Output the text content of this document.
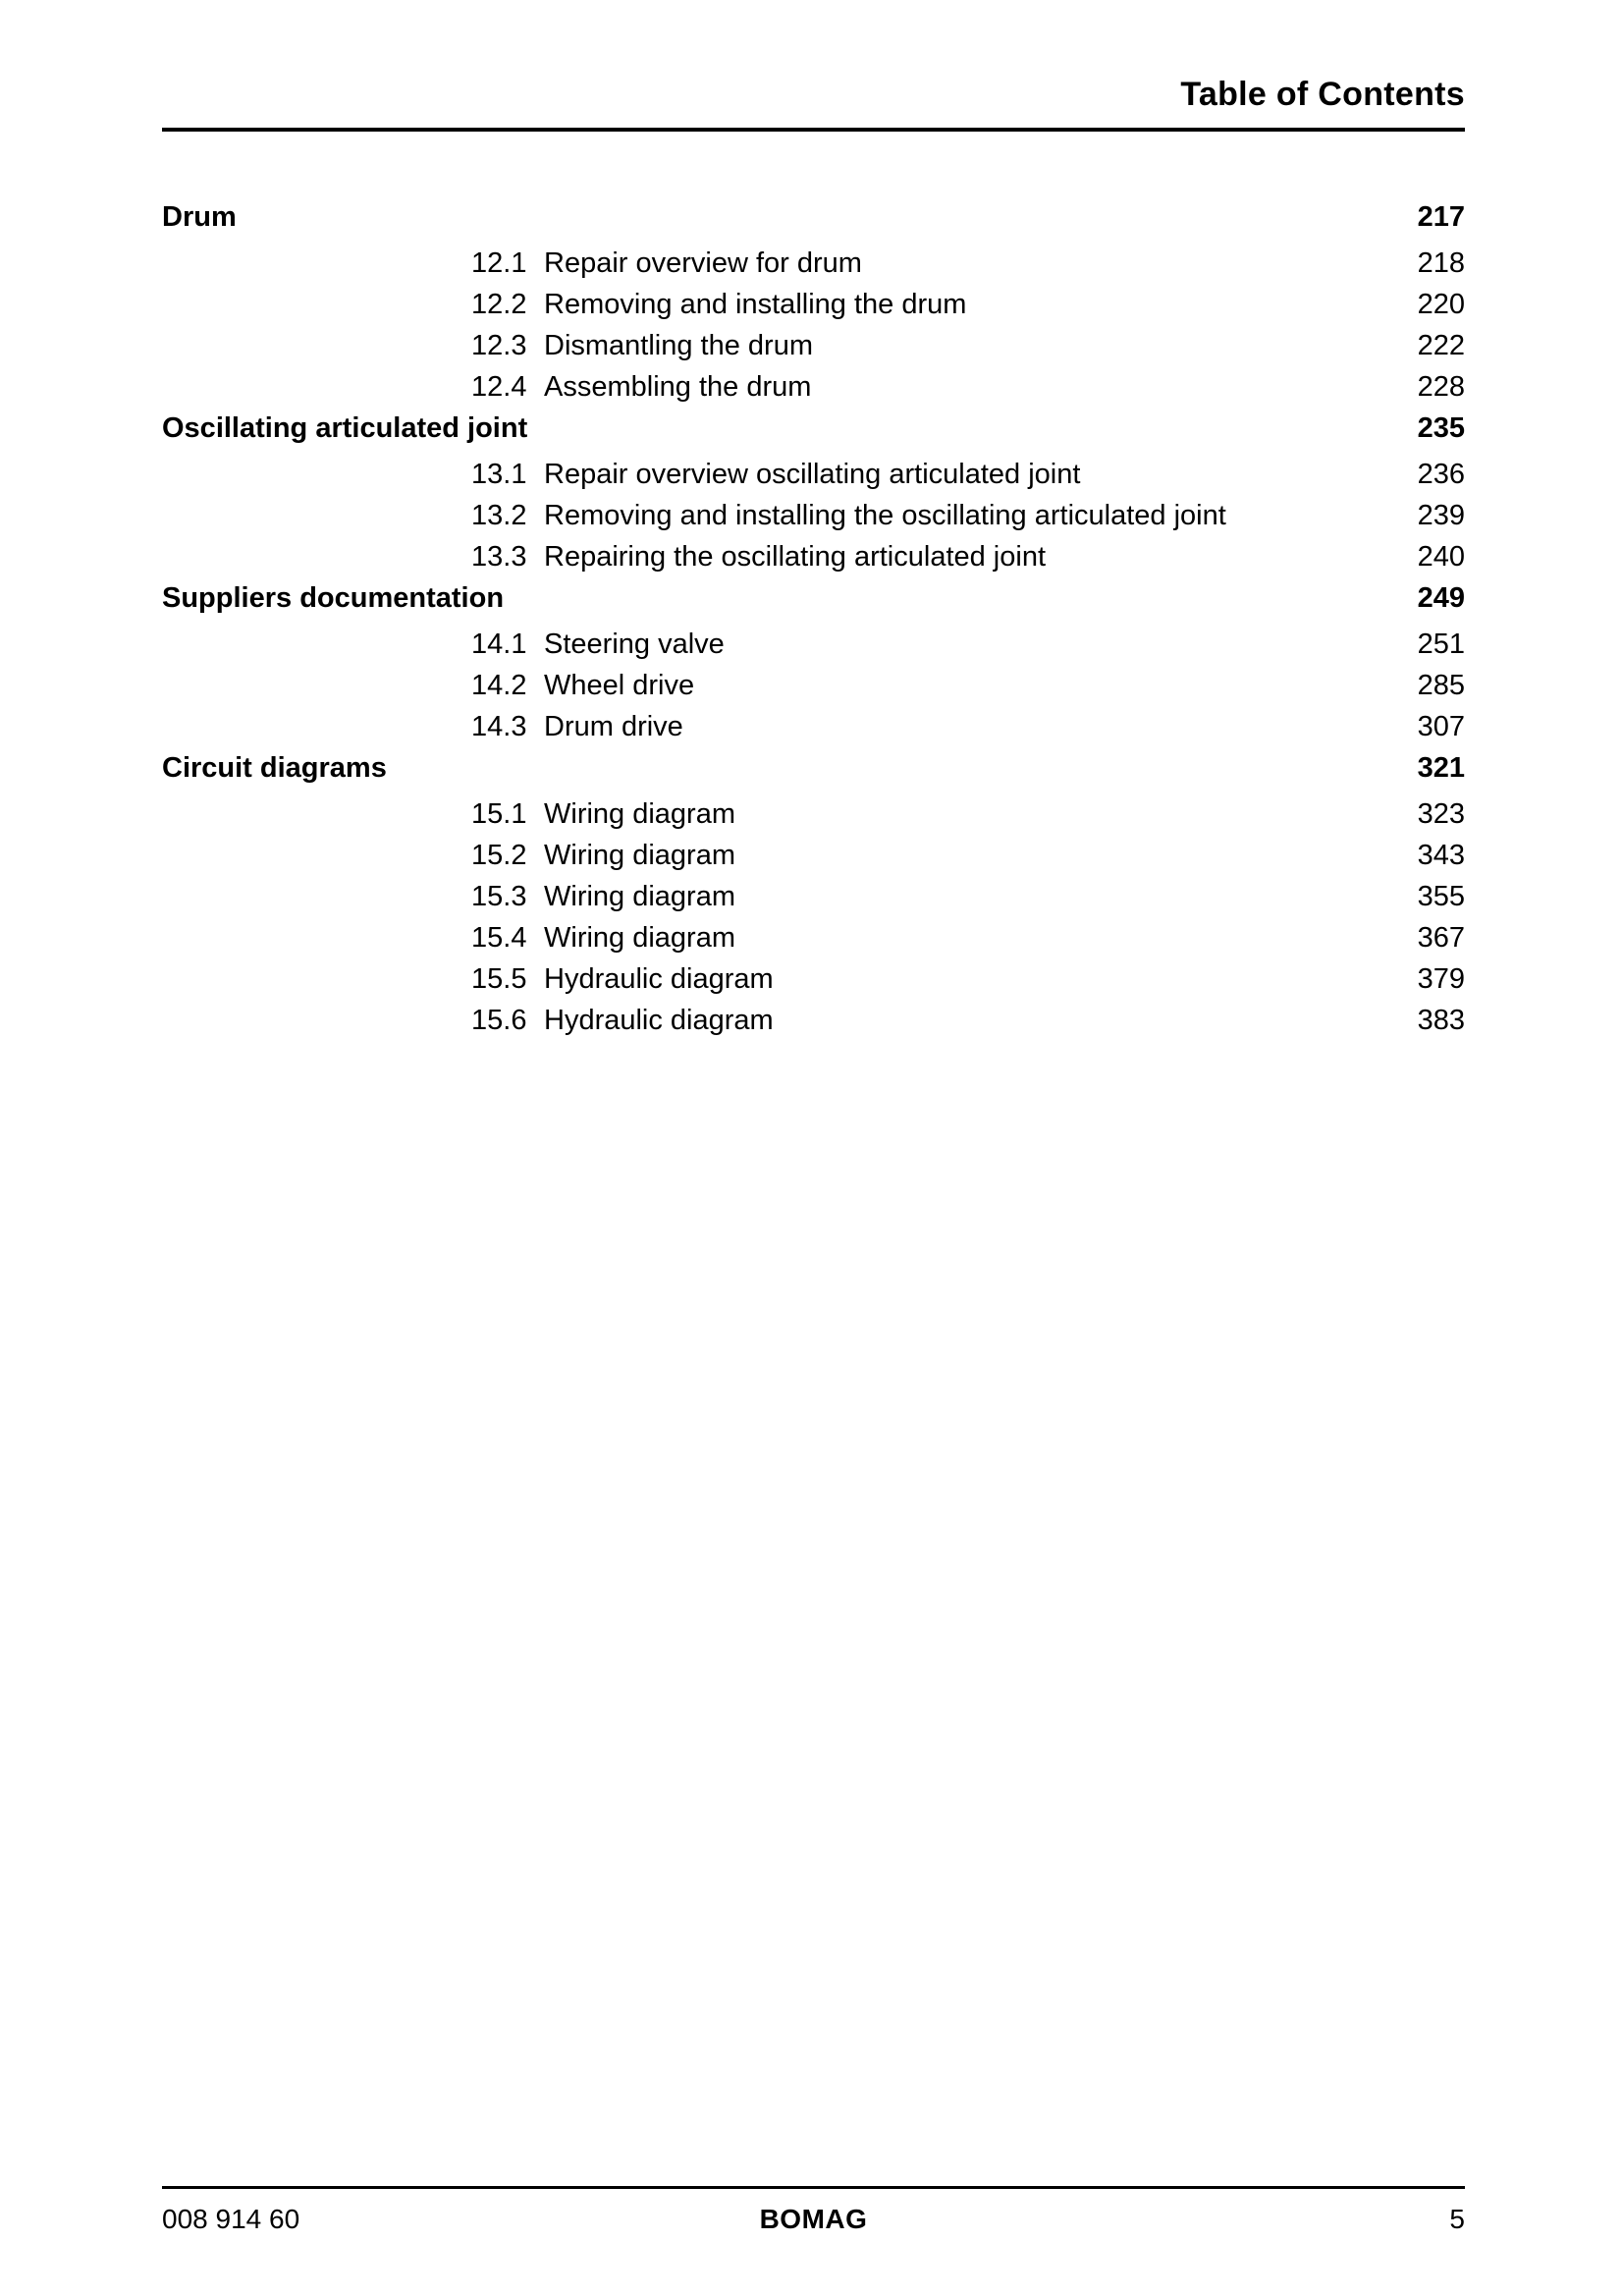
Table of Contents
Drum	217
12.1 Repair overview for drum	218
12.2 Removing and installing the drum	220
12.3 Dismantling the drum	222
12.4 Assembling the drum	228
Oscillating articulated joint	235
13.1 Repair overview oscillating articulated joint	236
13.2 Removing and installing the oscillating articulated joint	239
13.3 Repairing the oscillating articulated joint	240
Suppliers documentation	249
14.1 Steering valve	251
14.2 Wheel drive	285
14.3 Drum drive	307
Circuit diagrams	321
15.1 Wiring diagram	323
15.2 Wiring diagram	343
15.3 Wiring diagram	355
15.4 Wiring diagram	367
15.5 Hydraulic diagram	379
15.6 Hydraulic diagram	383
008 914 60	BOMAG	5
